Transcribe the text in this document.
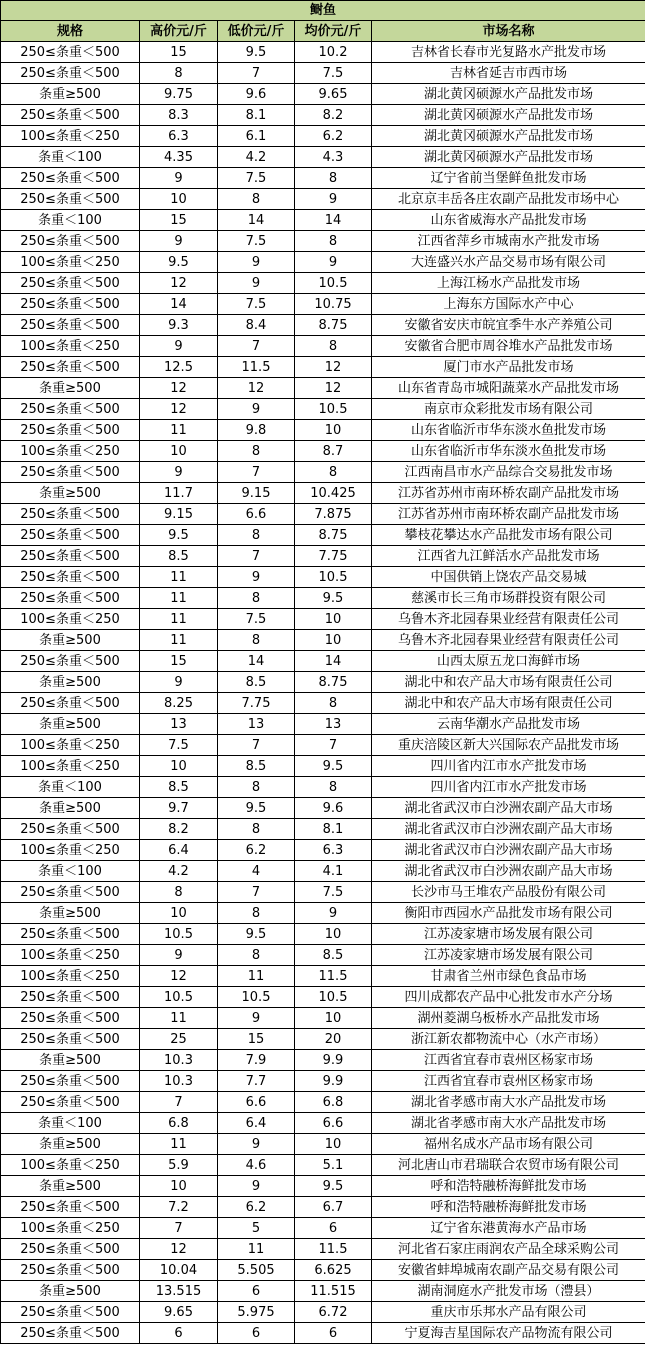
鲥鱼				
规格	高价元/斤	低价元/斤	均价元/斤	市场名称
250≤条重＜500	15	9.5	10.2	吉林省长春市光复路水产批发市场
250≤条重＜500	8	7	7.5	吉林省延吉市西市场
条重≥500	9.75	9.6	9.65	湖北黄冈硕源水产品批发市场
250≤条重＜500	8.3	8.1	8.2	湖北黄冈硕源水产品批发市场
100≤条重＜250	6.3	6.1	6.2	湖北黄冈硕源水产品批发市场
条重＜100	4.35	4.2	4.3	湖北黄冈硕源水产品批发市场
250≤条重＜500	9	7.5	8	辽宁省前当堡鲜鱼批发市场
250≤条重＜500	10	8	9	北京京丰岳各庄农副产品批发市场中心
条重＜100	15	14	14	山东省威海水产品批发市场
250≤条重＜500	9	7.5	8	江西省萍乡市城南水产批发市场
100≤条重＜250	9.5	9	9	大连盛兴水产品交易市场有限公司
250≤条重＜500	12	9	10.5	上海江杨水产品批发市场
250≤条重＜500	14	7.5	10.75	上海东方国际水产中心
250≤条重＜500	9.3	8.4	8.75	安徽省安庆市皖宜季牛水产养殖公司
100≤条重＜250	9	7	8	安徽省合肥市周谷堆水产品批发市场
250≤条重＜500	12.5	11.5	12	厦门市水产品批发市场
条重≥500	12	12	12	山东省青岛市城阳蔬菜水产品批发市场
250≤条重＜500	12	9	10.5	南京市众彩批发市场有限公司
250≤条重＜500	11	9.8	10	山东省临沂市华东淡水鱼批发市场
100≤条重＜250	10	8	8.7	山东省临沂市华东淡水鱼批发市场
250≤条重＜500	9	7	8	江西南昌市水产品综合交易批发市场
条重≥500	11.7	9.15	10.425	江苏省苏州市南环桥农副产品批发市场
250≤条重＜500	9.15	6.6	7.875	江苏省苏州市南环桥农副产品批发市场
250≤条重＜500	9.5	8	8.75	攀枝花攀达水产品批发市场有限公司
250≤条重＜500	8.5	7	7.75	江西省九江鲜活水产品批发市场
250≤条重＜500	11	9	10.5	中国供销上饶农产品交易城
250≤条重＜500	11	8	9.5	慈溪市长三角市场群投资有限公司
100≤条重＜250	11	7.5	10	乌鲁木齐北园春果业经营有限责任公司
条重≥500	11	8	10	乌鲁木齐北园春果业经营有限责任公司
250≤条重＜500	15	14	14	山西太原五龙口海鲜市场
条重≥500	9	8.5	8.75	湖北中和农产品大市场有限责任公司
250≤条重＜500	8.25	7.75	8	湖北中和农产品大市场有限责任公司
条重≥500	13	13	13	云南华潮水产品批发市场
100≤条重＜250	7.5	7	7	重庆涪陵区新大兴国际农产品批发市场
100≤条重＜250	10	8.5	9.5	四川省内江市水产批发市场
条重＜100	8.5	8	8	四川省内江市水产批发市场
条重≥500	9.7	9.5	9.6	湖北省武汉市白沙洲农副产品大市场
250≤条重＜500	8.2	8	8.1	湖北省武汉市白沙洲农副产品大市场
100≤条重＜250	6.4	6.2	6.3	湖北省武汉市白沙洲农副产品大市场
条重＜100	4.2	4	4.1	湖北省武汉市白沙洲农副产品大市场
250≤条重＜500	8	7	7.5	长沙市马王堆农产品股份有限公司
条重≥500	10	8	9	衡阳市西园水产品批发市场有限公司
250≤条重＜500	10.5	9.5	10	江苏凌家塘市场发展有限公司
100≤条重＜250	9	8	8.5	江苏凌家塘市场发展有限公司
100≤条重＜250	12	11	11.5	甘肃省兰州市绿色食品市场
250≤条重＜500	10.5	10.5	10.5	四川成都农产品中心批发市水产分场
250≤条重＜500	11	9	10	湖州菱湖乌板桥水产品批发市场
250≤条重＜500	25	15	20	浙江新农都物流中心（水产市场）
条重≥500	10.3	7.9	9.9	江西省宜春市袁州区杨家市场
250≤条重＜500	10.3	7.7	9.9	江西省宜春市袁州区杨家市场
250≤条重＜500	7	6.6	6.8	湖北省孝感市南大水产品批发市场
条重＜100	6.8	6.4	6.6	湖北省孝感市南大水产品批发市场
条重≥500	11	9	10	福州名成水产品市场有限公司
100≤条重＜250	5.9	4.6	5.1	河北唐山市君瑞联合农贸市场有限公司
条重≥500	10	9	9.5	呼和浩特融桥海鲜批发市场
250≤条重＜500	7.2	6.2	6.7	呼和浩特融桥海鲜批发市场
100≤条重＜250	7	5	6	辽宁省东港黄海水产品市场
250≤条重＜500	12	11	11.5	河北省石家庄雨润农产品全球采购公司
250≤条重＜500	10.04	5.505	6.625	安徽省蚌埠城南农副产品交易有限公司
条重≥500	13.515	6	11.515	湖南洞庭水产批发市场（澧县）
250≤条重＜500	9.65	5.975	6.72	重庆市乐邦水产品有限公司
250≤条重＜500	6	6	6	宁夏海吉星国际农产品物流有限公司
